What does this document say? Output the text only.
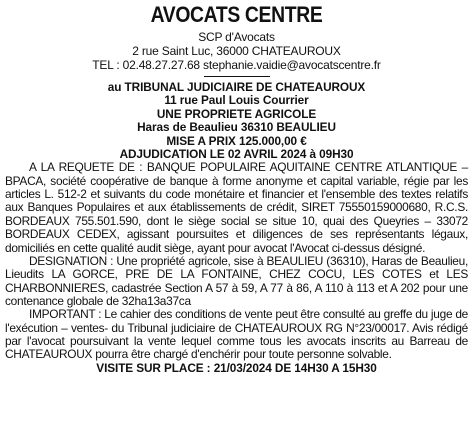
AVOCATS CENTRE
SCP d'Avocats
2 rue Saint Luc, 36000 CHATEAUROUX
TEL : 02.48.27.27.68 stephanie.vaidie@avocatscentre.fr
au TRIBUNAL JUDICIAIRE DE CHATEAUROUX
11 rue Paul Louis Courrier
UNE PROPRIETE AGRICOLE
Haras de Beaulieu 36310 BEAULIEU
MISE A PRIX 125.000,00 €
ADJUDICATION LE 02 AVRIL 2024 à 09H30

A LA REQUETE DE : BANQUE POPULAIRE AQUITAINE CENTRE ATLANTIQUE – BPACA, société coopérative de banque à forme anonyme et capital variable, régie par les articles L. 512-2 et suivants du code monétaire et financier et l'ensemble des textes relatifs aux Banques Populaires et aux établissements de crédit, SIRET 75550159000680, R.C.S. BORDEAUX 755.501.590, dont le siège social se situe 10, quai des Queyries – 33072 BORDEAUX CEDEX, agissant poursuites et diligences de ses représentants légaux, domiciliés en cette qualité audit siège, ayant pour avocat l'Avocat ci-dessus désigné.

DESIGNATION : Une propriété agricole, sise à BEAULIEU (36310), Haras de Beaulieu, Lieudits LA GORCE, PRE DE LA FONTAINE, CHEZ COCU, LES COTES et LES CHARBONNIERES, cadastrée Section A 57 à 59, A 77 à 86, A 110 à 113 et A 202 pour une contenance globale de 32ha13a37ca

IMPORTANT : Le cahier des conditions de vente peut être consulté au greffe du juge de l'exécution – ventes- du Tribunal judiciaire de CHATEAUROUX RG N°23/00017. Avis rédigé par l'avocat poursuivant la vente lequel comme tous les avocats inscrits au Barreau de CHATEAUROUX pourra être chargé d'enchérir pour toute personne solvable.

VISITE SUR PLACE : 21/03/2024 DE 14H30 A 15H30
